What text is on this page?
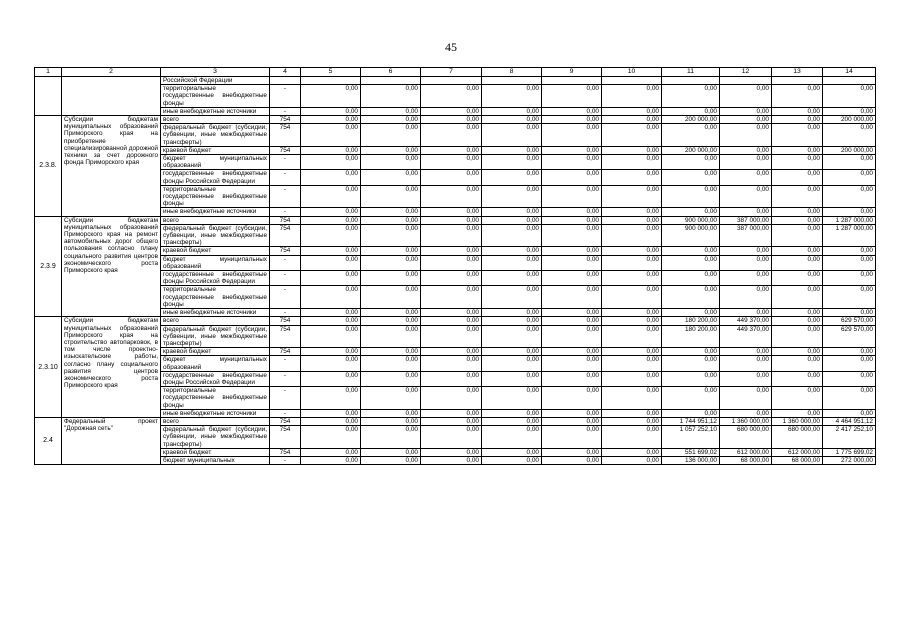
45
1	2	3	4	5	6	7	8	9	10	11	12	13	14
		Российской Федерации											
		территориальные государственные внебюджетные фонды	-	0,00	0,00	0,00	0,00	0,00	0,00	0,00	0,00	0,00	0,00
		иные внебюджетные источники	-	0,00	0,00	0,00	0,00	0,00	0,00	0,00	0,00	0,00	0,00
2.3.8.	Субсидии бюджетам муниципальных образований Приморского края на приобретение специализированной дорожной техники за счет дорожного фонда Приморского края	всего	754	0,00	0,00	0,00	0,00	0,00	0,00	200 000,00	0,00	0,00	200 000,00
		федеральный бюджет (субсидии, субвенции, иные межбюджетные трансферты)	754	0,00	0,00	0,00	0,00	0,00	0,00	0,00	0,00	0,00	0,00
		краевой бюджет	754	0,00	0,00	0,00	0,00	0,00	0,00	200 000,00	0,00	0,00	200 000,00
		бюджет муниципальных образований	-	0,00	0,00	0,00	0,00	0,00	0,00	0,00	0,00	0,00	0,00
		государственные внебюджетные фонды Российской Федерации	-	0,00	0,00	0,00	0,00	0,00	0,00	0,00	0,00	0,00	0,00
		территориальные государственные внебюджетные фонды	-	0,00	0,00	0,00	0,00	0,00	0,00	0,00	0,00	0,00	0,00
		иные внебюджетные источники	-	0,00	0,00	0,00	0,00	0,00	0,00	0,00	0,00	0,00	0,00
2.3.9	Субсидии бюджетам муниципальных образований Приморского края на ремонт автомобильных дорог общего пользования согласно плану социального развития центров экономического роста Приморского края	всего	754	0,00	0,00	0,00	0,00	0,00	0,00	900 000,00	387 000,00	0,00	1 287 000,00
		федеральный бюджет (субсидии, субвенции, иные межбюджетные трансферты)	754	0,00	0,00	0,00	0,00	0,00	0,00	900 000,00	387 000,00	0,00	1 287 000,00
		краевой бюджет	754	0,00	0,00	0,00	0,00	0,00	0,00	0,00	0,00	0,00	0,00
		бюджет муниципальных образований	-	0,00	0,00	0,00	0,00	0,00	0,00	0,00	0,00	0,00	0,00
		государственные внебюджетные фонды Российской Федерации	-	0,00	0,00	0,00	0,00	0,00	0,00	0,00	0,00	0,00	0,00
		территориальные государственные внебюджетные фонды	-	0,00	0,00	0,00	0,00	0,00	0,00	0,00	0,00	0,00	0,00
		иные внебюджетные источники	-	0,00	0,00	0,00	0,00	0,00	0,00	0,00	0,00	0,00	0,00
2.3.10	Субсидии бюджетам муниципальных образований Приморского края на строительство автопарковок, в том числе проектно-изыскательские работы, согласно плану социального развития центров экономического роста Приморского края	всего	754	0,00	0,00	0,00	0,00	0,00	0,00	180 200,00	449 370,00	0,00	629 570,00
		федеральный бюджет (субсидии, субвенции, иные межбюджетные трансферты)	754	0,00	0,00	0,00	0,00	0,00	0,00	180 200,00	449 370,00	0,00	629 570,00
		краевой бюджет	754	0,00	0,00	0,00	0,00	0,00	0,00	0,00	0,00	0,00	0,00
		бюджет муниципальных образований	-	0,00	0,00	0,00	0,00	0,00	0,00	0,00	0,00	0,00	0,00
		государственные внебюджетные фонды Российской Федерации	-	0,00	0,00	0,00	0,00	0,00	0,00	0,00	0,00	0,00	0,00
		территориальные государственные внебюджетные фонды	-	0,00	0,00	0,00	0,00	0,00	0,00	0,00	0,00	0,00	0,00
		иные внебюджетные источники	-	0,00	0,00	0,00	0,00	0,00	0,00	0,00	0,00	0,00	0,00
2.4	Федеральный проект "Дорожная сеть"	всего	754	0,00	0,00	0,00	0,00	0,00	0,00	1 744 951,12	1 360 000,00	1 360 000,00	4 464 951,12
		федеральный бюджет (субсидии, субвенции, иные межбюджетные трансферты)	754	0,00	0,00	0,00	0,00	0,00	0,00	1 057 252,10	680 000,00	680 000,00	2 417 252,10
		краевой бюджет	754	0,00	0,00	0,00	0,00	0,00	0,00	551 699,02	612 000,00	612 000,00	1 775 699,02
		бюджет муниципальных	-	0,00	0,00	0,00	0,00	0,00	0,00	136 000,00	68 000,00	68 000,00	272 000,00
